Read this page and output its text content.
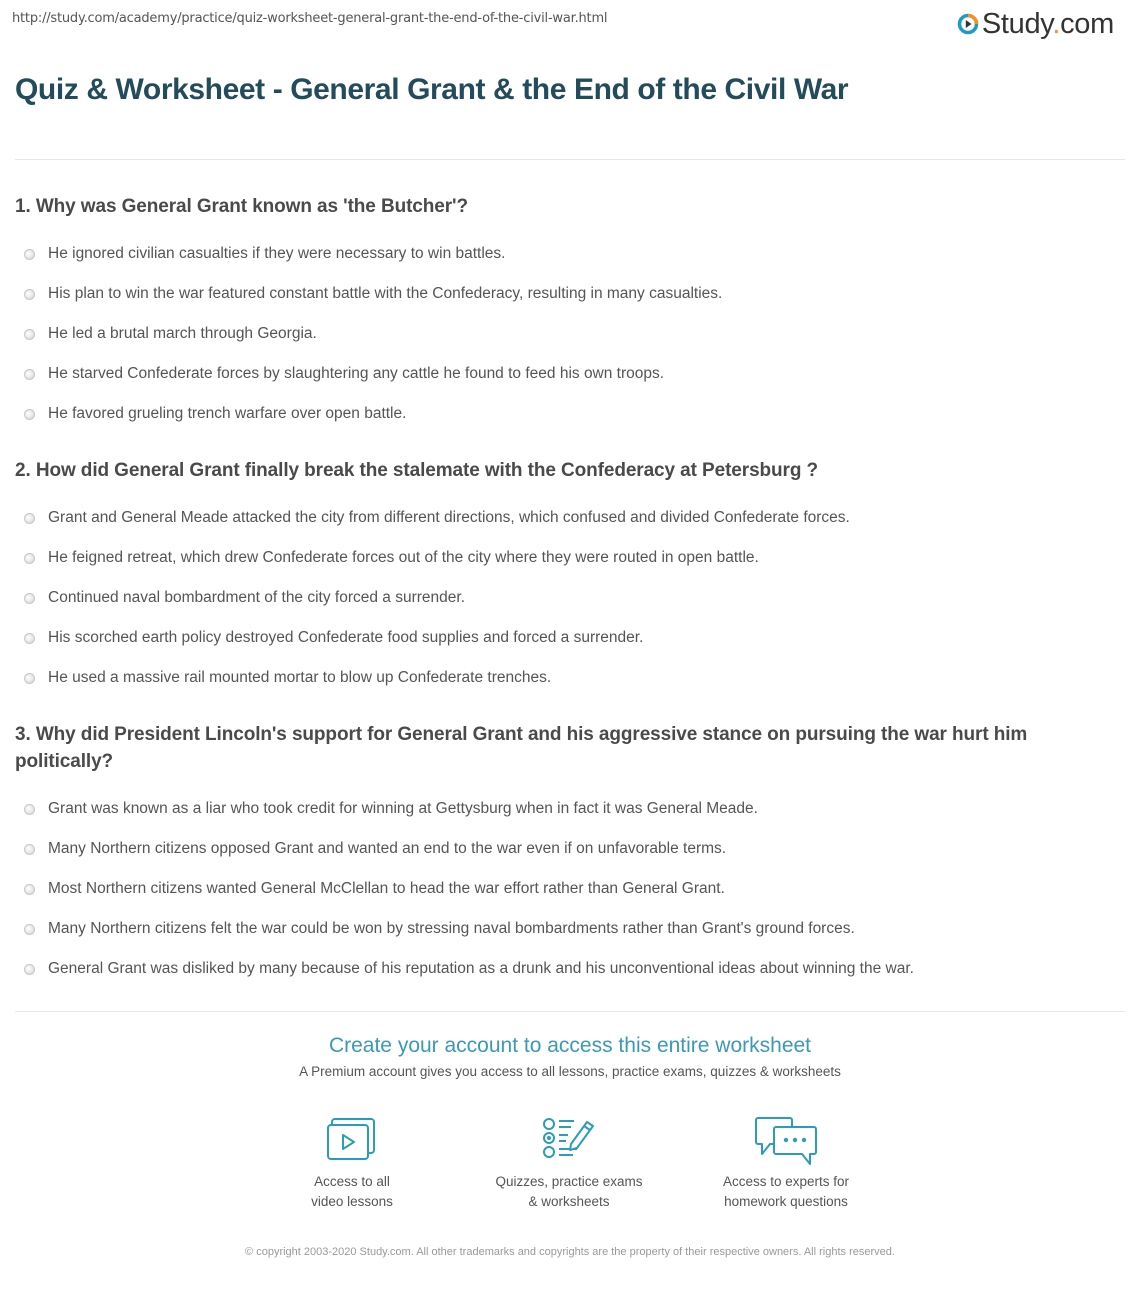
http://study.com/academy/practice/quiz-worksheet-general-grant-the-end-of-the-civil-war.html	Study.com
Quiz & Worksheet - General Grant & the End of the Civil War
1. Why was General Grant known as 'the Butcher'?
He ignored civilian casualties if they were necessary to win battles.
His plan to win the war featured constant battle with the Confederacy, resulting in many casualties.
He led a brutal march through Georgia.
He starved Confederate forces by slaughtering any cattle he found to feed his own troops.
He favored grueling trench warfare over open battle.
2. How did General Grant finally break the stalemate with the Confederacy at Petersburg ?
Grant and General Meade attacked the city from different directions, which confused and divided Confederate forces.
He feigned retreat, which drew Confederate forces out of the city where they were routed in open battle.
Continued naval bombardment of the city forced a surrender.
His scorched earth policy destroyed Confederate food supplies and forced a surrender.
He used a massive rail mounted mortar to blow up Confederate trenches.
3. Why did President Lincoln's support for General Grant and his aggressive stance on pursuing the war hurt him politically?
Grant was known as a liar who took credit for winning at Gettysburg when in fact it was General Meade.
Many Northern citizens opposed Grant and wanted an end to the war even if on unfavorable terms.
Most Northern citizens wanted General McClellan to head the war effort rather than General Grant.
Many Northern citizens felt the war could be won by stressing naval bombardments rather than Grant's ground forces.
General Grant was disliked by many because of his reputation as a drunk and his unconventional ideas about winning the war.
Create your account to access this entire worksheet
A Premium account gives you access to all lessons, practice exams, quizzes & worksheets
Access to all
video lessons
Quizzes, practice exams
& worksheets
Access to experts for
homework questions
© copyright 2003-2020 Study.com. All other trademarks and copyrights are the property of their respective owners. All rights reserved.
